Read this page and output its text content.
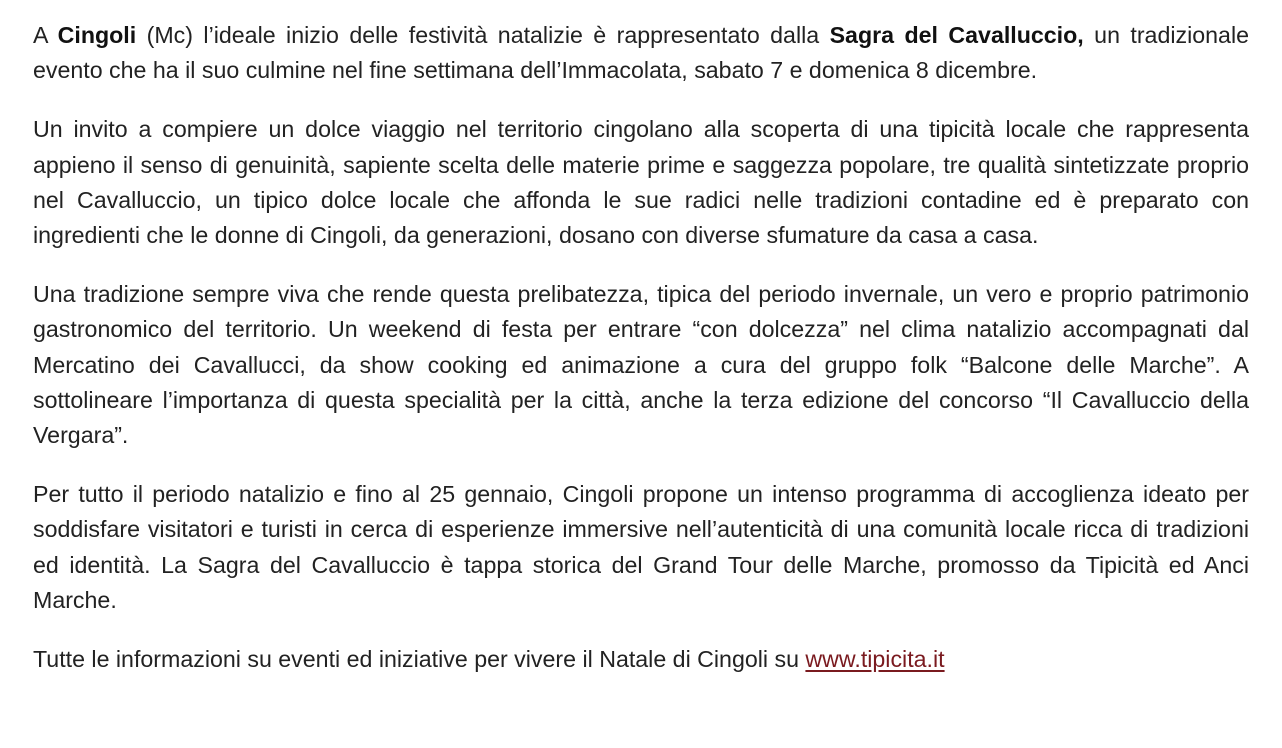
A Cingoli (Mc) l’ideale inizio delle festività natalizie è rappresentato dalla Sagra del Cavalluccio, un tradizionale evento che ha il suo culmine nel fine settimana dell’Immacolata, sabato 7 e domenica 8 dicembre.

Un invito a compiere un dolce viaggio nel territorio cingolano alla scoperta di una tipicità locale che rappresenta appieno il senso di genuinità, sapiente scelta delle materie prime e saggezza popolare, tre qualità sintetizzate proprio nel Cavalluccio, un tipico dolce locale che affonda le sue radici nelle tradizioni contadine ed è preparato con ingredienti che le donne di Cingoli, da generazioni, dosano con diverse sfumature da casa a casa.

Una tradizione sempre viva che rende questa prelibatezza, tipica del periodo invernale, un vero e proprio patrimonio gastronomico del territorio. Un weekend di festa per entrare “con dolcezza” nel clima natalizio accompagnati dal Mercatino dei Cavallucci, da show cooking ed animazione a cura del gruppo folk “Balcone delle Marche”. A sottolineare l’importanza di questa specialità per la città, anche la terza edizione del concorso “Il Cavalluccio della Vergara”.

Per tutto il periodo natalizio e fino al 25 gennaio, Cingoli propone un intenso programma di accoglienza ideato per soddisfare visitatori e turisti in cerca di esperienze immersive nell’autenticità di una comunità locale ricca di tradizioni ed identità. La Sagra del Cavalluccio è tappa storica del Grand Tour delle Marche, promosso da Tipicità ed Anci Marche.

Tutte le informazioni su eventi ed iniziative per vivere il Natale di Cingoli su www.tipicita.it
